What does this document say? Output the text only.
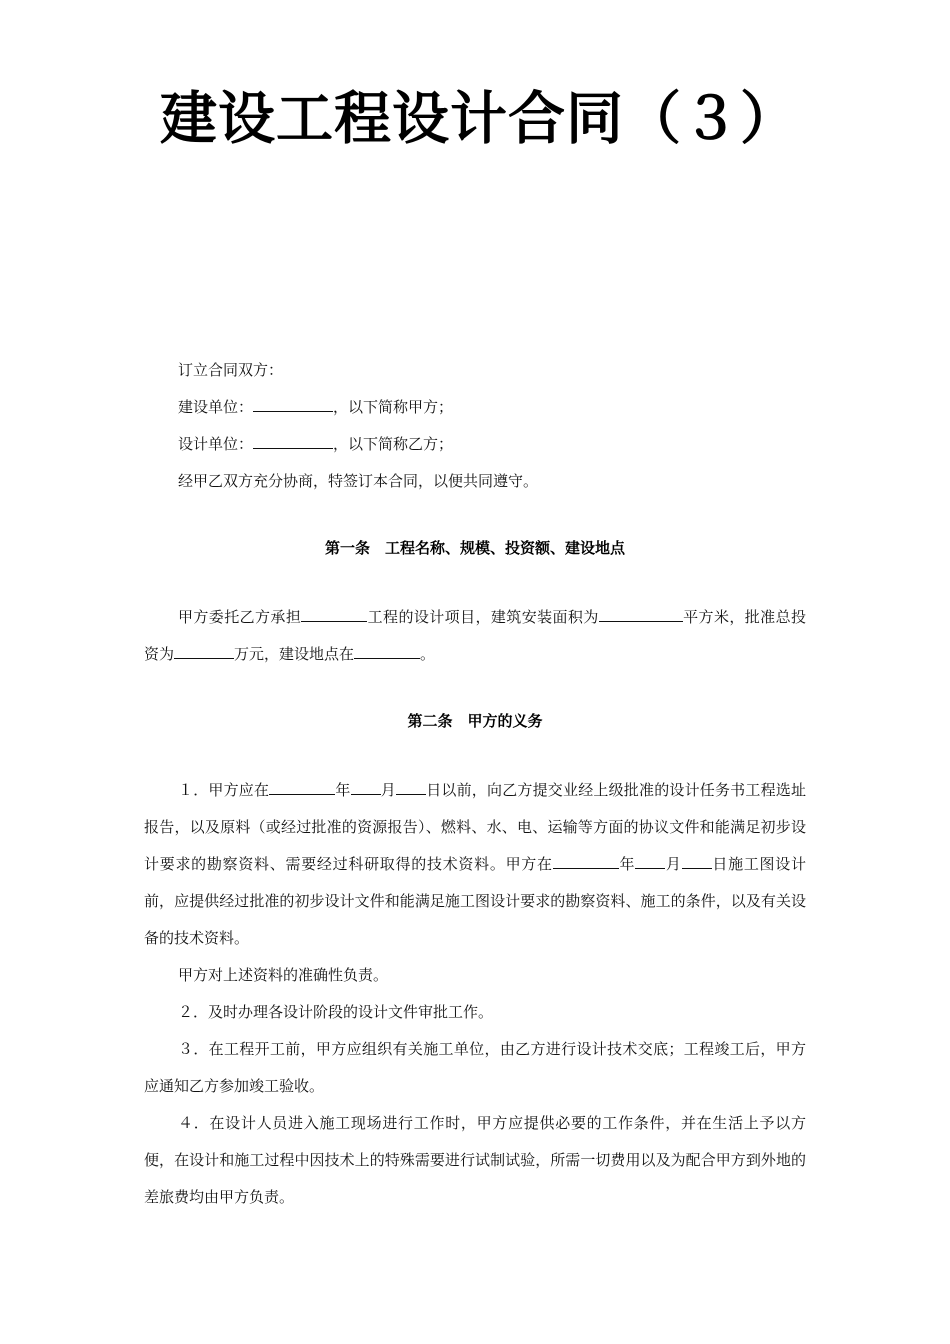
建设工程设计合同（３）

订立合同双方：

建设单位：	，以下简称甲方；

设计单位：	，以下简称乙方；

经甲乙双方充分协商，特签订本合同，以便共同遵守。

第一条　工程名称、规模、投资额、建设地点

甲方委托乙方承担	工程的设计项目，建筑安装面积为	平方米，批准总投资为	万元，建设地点在	。

第二条　甲方的义务

１．甲方应在	年 月 日以前，向乙方提交业经上级批准的设计任务书工程选址报告，以及原料（或经过批准的资源报告）、燃料、水、电、运输等方面的协议文件和能满足初步设计要求的勘察资料、需要经过科研取得的技术资料。甲方在	年 月 日施工图设计前，应提供经过批准的初步设计文件和能满足施工图设计要求的勘察资料、施工的条件，以及有关设备的技术资料。

甲方对上述资料的准确性负责。

２．及时办理各设计阶段的设计文件审批工作。

３．在工程开工前，甲方应组织有关施工单位，由乙方进行设计技术交底；工程竣工后，甲方应通知乙方参加竣工验收。

４．在设计人员进入施工现场进行工作时，甲方应提供必要的工作条件，并在生活上予以方便，在设计和施工过程中因技术上的特殊需要进行试制试验，所需一切费用以及为配合甲方到外地的差旅费均由甲方负责。
